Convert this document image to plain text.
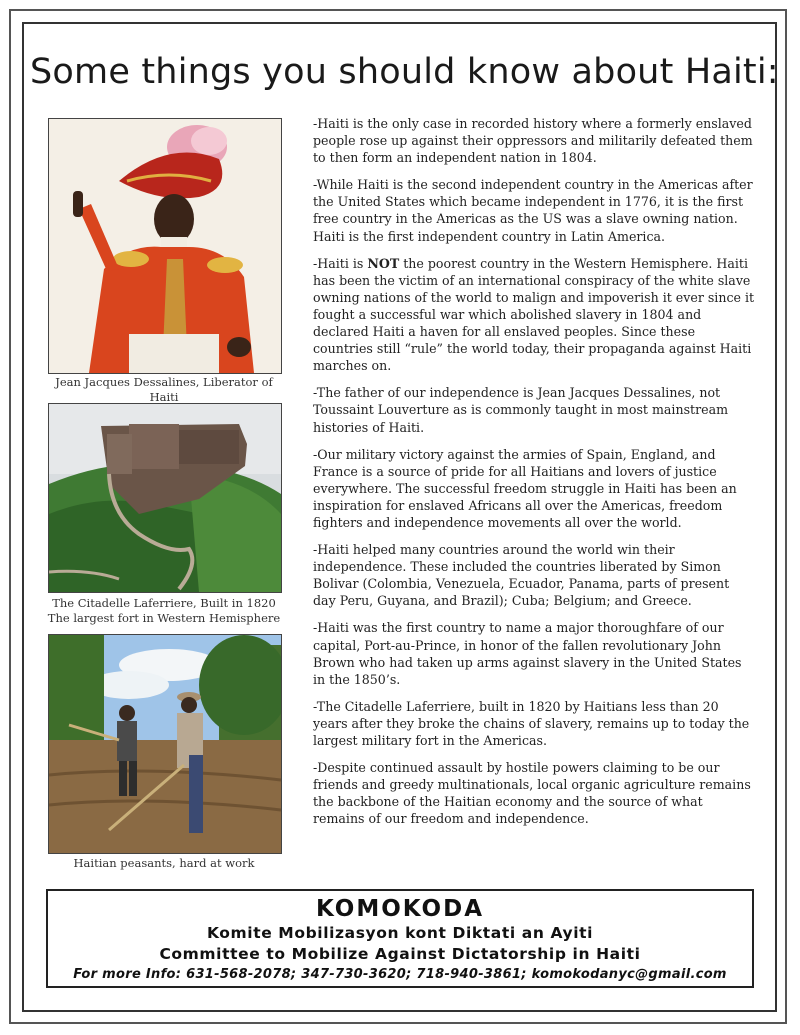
Some things you should know about Haiti:
Jean Jacques Dessalines, Liberator of Haiti
The Citadelle Laferriere, Built in 1820
The largest fort in Western Hemisphere
Haitian peasants, hard at work

-Haiti is the only case in recorded history where a formerly enslaved people rose up against their oppressors and militarily defeated them to then form an independent nation in 1804.

-While Haiti is the second independent country in the Americas after the United States which became independent in 1776, it is the first free country in the Americas as the US was a slave owning nation. Haiti is the first independent country in Latin America.

-Haiti is NOT the poorest country in the Western Hemisphere. Haiti has been the victim of an international conspiracy of the white slave owning nations of the world to malign and impoverish it ever since it fought a successful war which abolished slavery in 1804 and declared Haiti a haven for all enslaved peoples. Since these countries still “rule” the world today, their propaganda against Haiti marches on.

-The father of our independence is Jean Jacques Dessalines, not Toussaint Louverture as is commonly taught in most mainstream histories of Haiti.

-Our military victory against the armies of Spain, England, and France is a source of pride for all Haitians and lovers of justice everywhere. The successful freedom struggle in Haiti has been an inspiration for enslaved Africans all over the Americas, freedom fighters and independence movements all over the world.

-Haiti helped many countries around the world win their independence. These included the countries liberated by Simon Bolivar (Colombia, Venezuela, Ecuador, Panama, parts of present day Peru, Guyana, and Brazil); Cuba; Belgium; and Greece.

-Haiti was the first country to name a major thoroughfare of our capital, Port-au-Prince, in honor of the fallen revolutionary John Brown who had taken up arms against slavery in the United States in the 1850’s.

-The Citadelle Laferriere, built in 1820 by Haitians less than 20 years after they broke the chains of slavery, remains up to today the largest military fort in the Americas.

-Despite continued assault by hostile powers claiming to be our friends and greedy multinationals, local organic agriculture remains the backbone of the Haitian economy and the source of what remains of our freedom and independence.

KOMOKODA
Komite Mobilizasyon kont Diktati an Ayiti
Committee to Mobilize Against Dictatorship in Haiti
For more Info: 631-568-2078; 347-730-3620; 718-940-3861; komokodanyc@gmail.com
